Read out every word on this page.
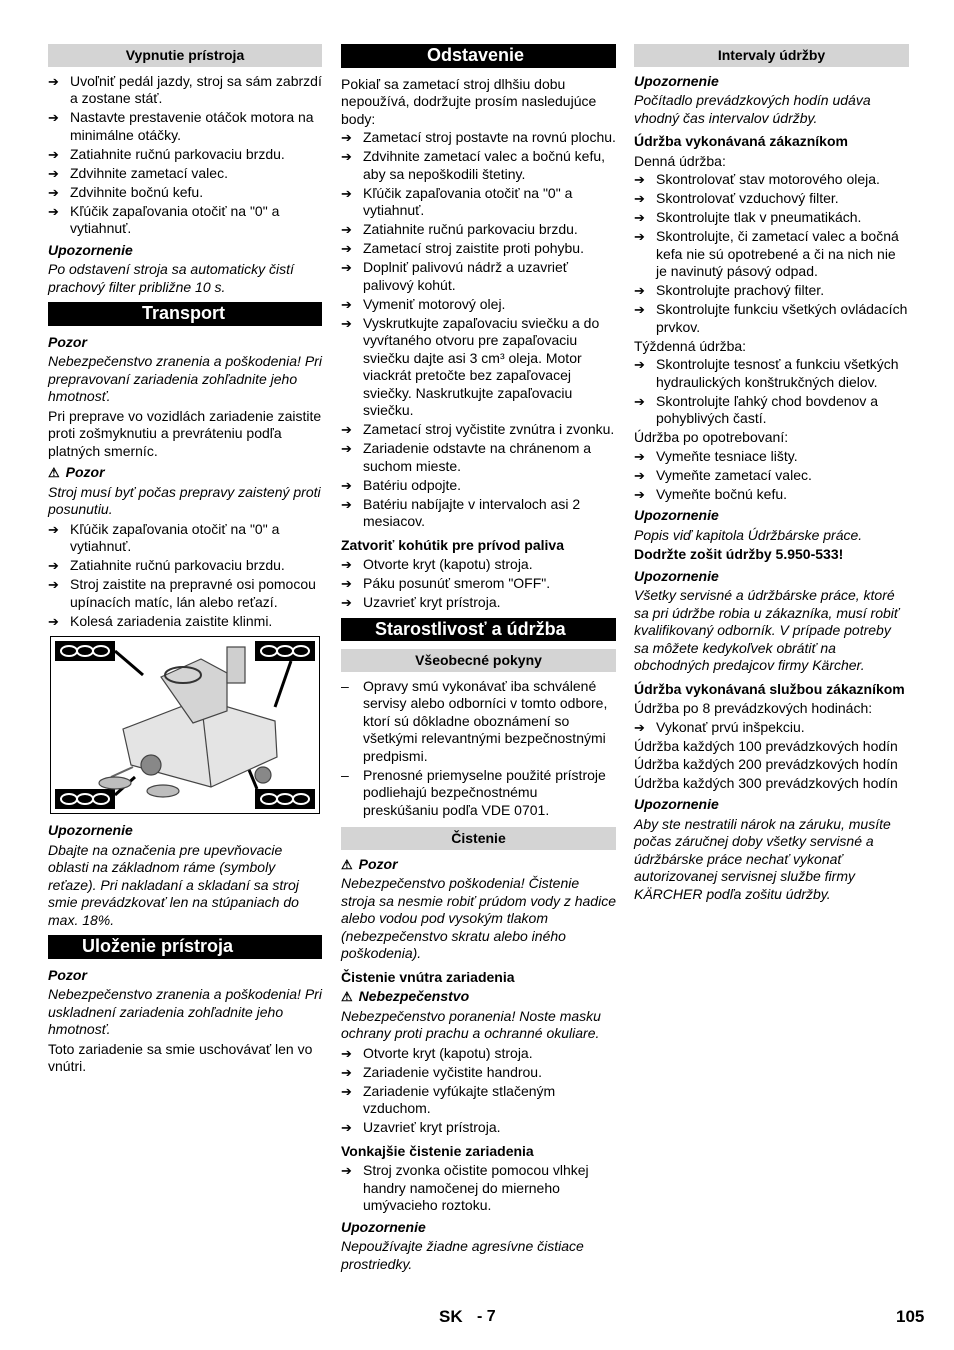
Vypnutie prístroja
➔ Uvoľniť pedál jazdy, stroj sa sám zabrzdí a zostane stáť.
➔ Nastavte prestavenie otáčok motora na minimálne otáčky.
➔ Zatiahnite ručnú parkovaciu brzdu.
➔ Zdvihnite zametací valec.
➔ Zdvihnite bočnú kefu.
➔ Kľúčik zapaľovania otočiť na "0" a vytiahnuť.
Upozornenie
Po odstavení stroja sa automaticky čistí prachový filter približne 10 s.
Transport
Pozor
Nebezpečenstvo zranenia a poškodenia! Pri prepravovaní zariadenia zohľadnite jeho hmotnosť.
Pri preprave vo vozidlách zariadenie zaistite proti zošmyknutiu a prevráteniu podľa platných smerníc.
⚠ Pozor
Stroj musí byť počas prepravy zaistený proti posunutiu.
➔ Kľúčik zapaľovania otočiť na "0" a vytiahnuť.
➔ Zatiahnite ručnú parkovaciu brzdu.
➔ Stroj zaistite na prepravné osi pomocou upínacích matíc, lán alebo reťazí.
➔ Kolesá zariadenia zaistite klinmi.
Upozornenie
Dbajte na označenia pre upevňovacie oblasti na základnom ráme (symboly reťaze). Pri nakladaní a skladaní sa stroj smie prevádzkovať len na stúpaniach do max. 18%.
Uloženie prístroja
Pozor
Nebezpečenstvo zranenia a poškodenia! Pri uskladnení zariadenia zohľadnite jeho hmotnosť.
Toto zariadenie sa smie uschovávať len vo vnútri.
Odstavenie
Pokiaľ sa zametací stroj dlhšiu dobu nepoužívá, dodržujte prosím nasledujúce body:
➔ Zametací stroj postavte na rovnú plochu.
➔ Zdvihnite zametací valec a bočnú kefu, aby sa nepoškodili štetiny.
➔ Kľúčik zapaľovania otočiť na "0" a vytiahnuť.
➔ Zatiahnite ručnú parkovaciu brzdu.
➔ Zametací stroj zaistite proti pohybu.
➔ Doplniť palivovú nádrž a uzavrieť palivový kohút.
➔ Vymeniť motorový olej.
➔ Vyskrutkujte zapaľovaciu sviečku a do vyvŕtaného otvoru pre zapaľovaciu sviečku dajte asi 3 cm³ oleja. Motor viackrát pretočte bez zapaľovacej sviečky. Naskrutkujte zapaľovaciu sviečku.
➔ Zametací stroj vyčistite zvnútra i zvonku.
➔ Zariadenie odstavte na chránenom a suchom mieste.
➔ Batériu odpojte.
➔ Batériu nabíjajte v intervaloch asi 2 mesiacov.
Zatvoriť kohútik pre prívod paliva
➔ Otvorte kryt (kapotu) stroja.
➔ Páku posunúť smerom "OFF".
➔ Uzavrieť kryt prístroja.
Starostlivosť a údržba
Všeobecné pokyny
– Opravy smú vykonávať iba schválené servisy alebo odborníci v tomto odbore, ktorí sú dôkladne oboznámení so všetkými relevantnými bezpečnostnými predpismi.
– Prenosné priemyselne použité prístroje podliehajú bezpečnostnému preskúšaniu podľa VDE 0701.
Čistenie
⚠ Pozor
Nebezpečenstvo poškodenia! Čistenie stroja sa nesmie robiť prúdom vody z hadice alebo vodou pod vysokým tlakom (nebezpečenstvo skratu alebo iného poškodenia).
Čistenie vnútra zariadenia
⚠ Nebezpečenstvo
Nebezpečenstvo poranenia! Noste masku ochrany proti prachu a ochranné okuliare.
➔ Otvorte kryt (kapotu) stroja.
➔ Zariadenie vyčistite handrou.
➔ Zariadenie vyfúkajte stlačeným vzduchom.
➔ Uzavrieť kryt prístroja.
Vonkajšie čistenie zariadenia
➔ Stroj zvonka očistite pomocou vlhkej handry namočenej do mierneho umývacieho roztoku.
Upozornenie
Nepoužívajte žiadne agresívne čistiace prostriedky.
Intervaly údržby
Upozornenie
Počítadlo prevádzkových hodín udáva vhodný čas intervalov údržby.
Údržba vykonávaná zákazníkom
Denná údržba:
➔ Skontrolovať stav motorového oleja.
➔ Skontrolovať vzduchový filter.
➔ Skontrolujte tlak v pneumatikách.
➔ Skontrolujte, či zametací valec a bočná kefa nie sú opotrebené a či na nich nie je navinutý pásový odpad.
➔ Skontrolujte prachový filter.
➔ Skontrolujte funkciu všetkých ovládacích prvkov.
Týždenná údržba:
➔ Skontrolujte tesnosť a funkciu všetkých hydraulických konštrukčných dielov.
➔ Skontrolujte ľahký chod bovdenov a pohyblivých častí.
Údržba po opotrebovaní:
➔ Vymeňte tesniace lišty.
➔ Vymeňte zametací valec.
➔ Vymeňte bočnú kefu.
Upozornenie
Popis viď kapitola Údržbárske práce.
Dodržte zošit údržby 5.950-533!
Upozornenie
Všetky servisné a údržbárske práce, ktoré sa pri údržbe robia u zákazníka, musí robiť kvalifikovaný odborník. V prípade potreby sa môžete kedykoľvek obrátiť na obchodných predajcov firmy Kärcher.
Údržba vykonávaná službou zákazníkom
Údržba po 8 prevádzkových hodinách:
➔ Vykonať prvú inšpekciu.
Údržba každých 100 prevádzkových hodín
Údržba každých 200 prevádzkových hodín
Údržba každých 300 prevádzkových hodín
Upozornenie
Aby ste nestratili nárok na záruku, musíte počas záručnej doby všetky servisné a údržbárske práce nechať vykonať autorizovanej servisnej službe firmy KÄRCHER podľa zošitu údržby.
SK - 7	105
